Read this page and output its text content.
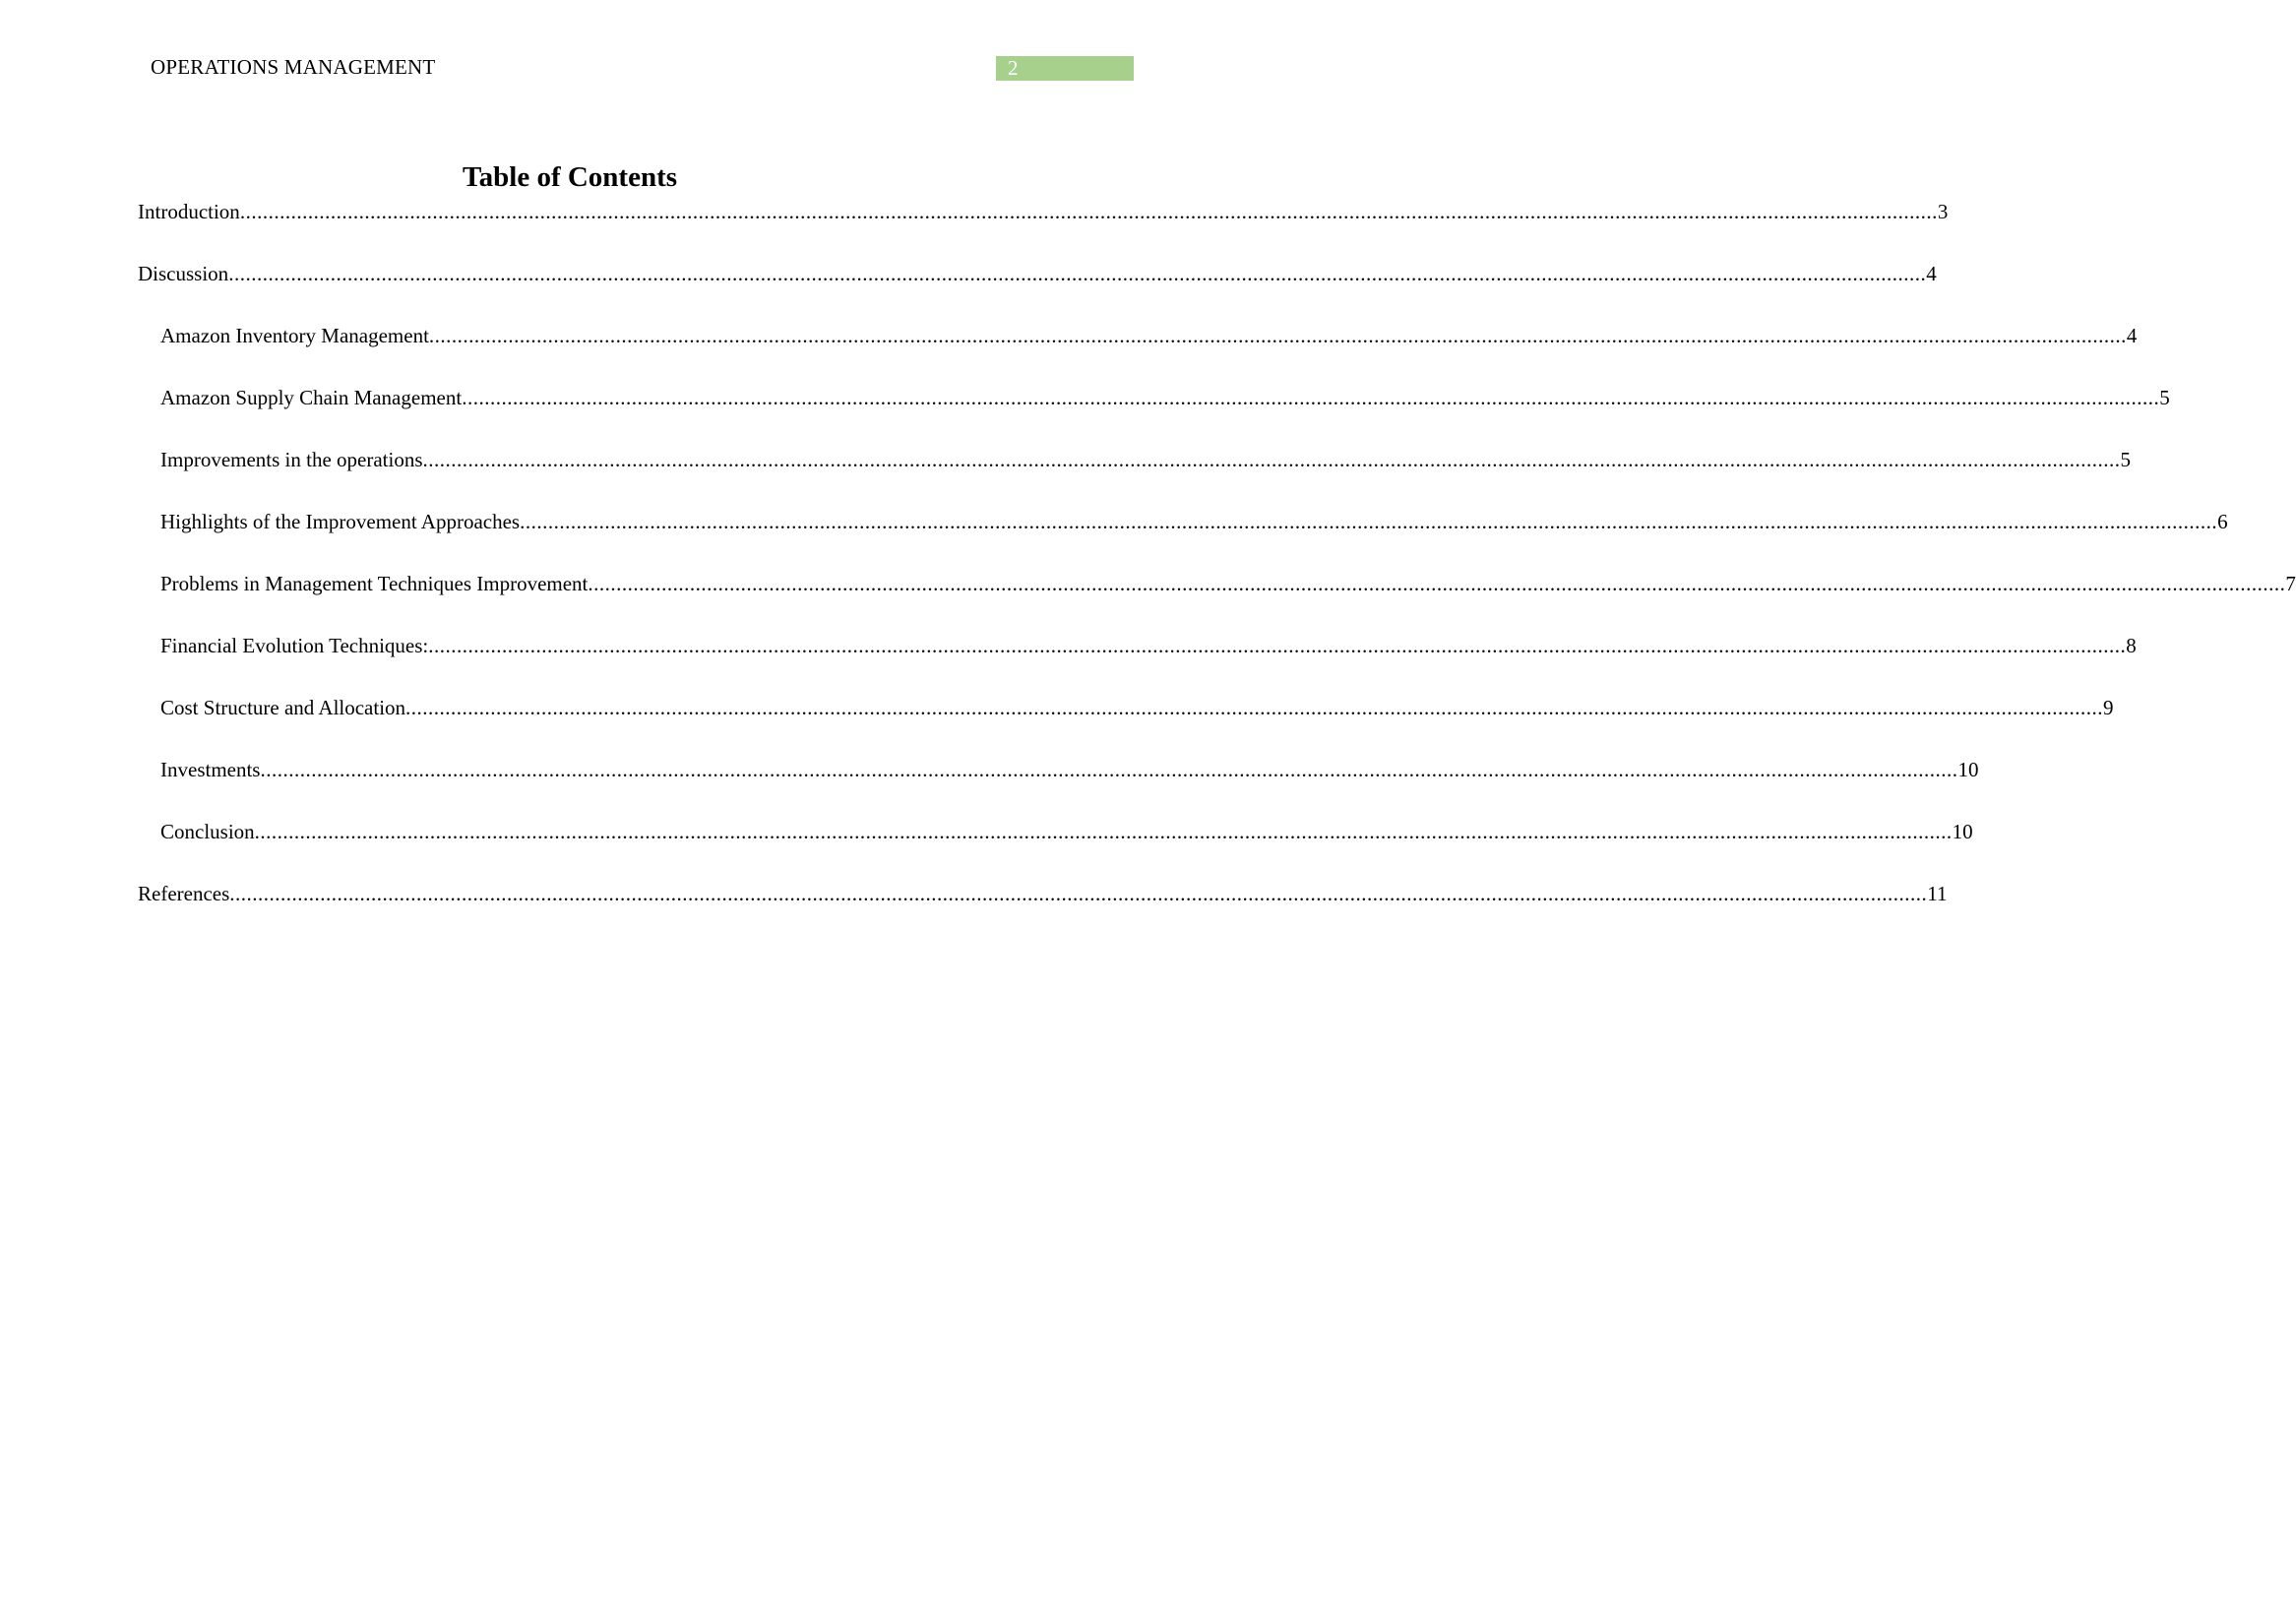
OPERATIONS MANAGEMENT	2
Table of Contents
Introduction ............................................................................................................................................................................................................................................................................................................ 3
Discussion ............................................................................................................................................................................................................................................................................................................ 4
Amazon Inventory Management ............................................................................................................................................................................................................................................................................................................ 4
Amazon Supply Chain Management ............................................................................................................................................................................................................................................................................................................ 5
Improvements in the operations ............................................................................................................................................................................................................................................................................................................ 5
Highlights of the Improvement Approaches ............................................................................................................................................................................................................................................................................................................ 6
Problems in Management Techniques Improvement ............................................................................................................................................................................................................................................................................................................ 7
Financial Evolution Techniques: ............................................................................................................................................................................................................................................................................................................ 8
Cost Structure and Allocation ............................................................................................................................................................................................................................................................................................................ 9
Investments ............................................................................................................................................................................................................................................................................................................ 10
Conclusion ............................................................................................................................................................................................................................................................................................................ 10
References ............................................................................................................................................................................................................................................................................................................ 11
